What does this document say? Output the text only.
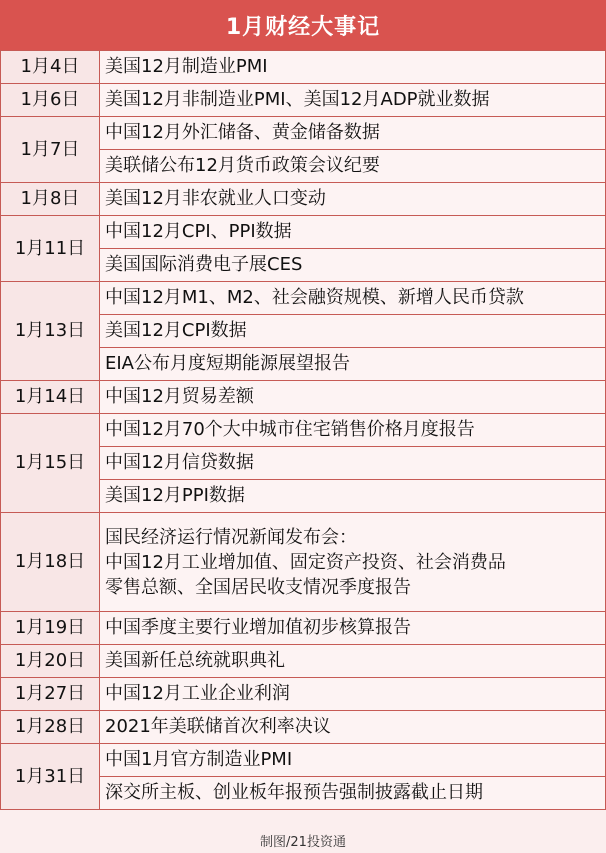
1月财经大事记
1月4日	美国12月制造业PMI
1月6日	美国12月非制造业PMI、美国12月ADP就业数据
1月7日	中国12月外汇储备、黄金储备数据
	美联储公布12月货币政策会议纪要
1月8日	美国12月非农就业人口变动
1月11日	中国12月CPI、PPI数据
	美国国际消费电子展CES
1月13日	中国12月M1、M2、社会融资规模、新增人民币贷款
	美国12月CPI数据
	EIA公布月度短期能源展望报告
1月14日	中国12月贸易差额
1月15日	中国12月70个大中城市住宅销售价格月度报告
	中国12月信贷数据
	美国12月PPI数据
1月18日	国民经济运行情况新闻发布会：
中国12月工业增加值、固定资产投资、社会消费品
零售总额、全国居民收支情况季度报告

1月19日	中国季度主要行业增加值初步核算报告
1月20日	美国新任总统就职典礼
1月27日	中国12月工业企业利润
1月28日	2021年美联储首次利率决议
1月31日	中国1月官方制造业PMI
	深交所主板、创业板年报预告强制披露截止日期
制图/21投资通
